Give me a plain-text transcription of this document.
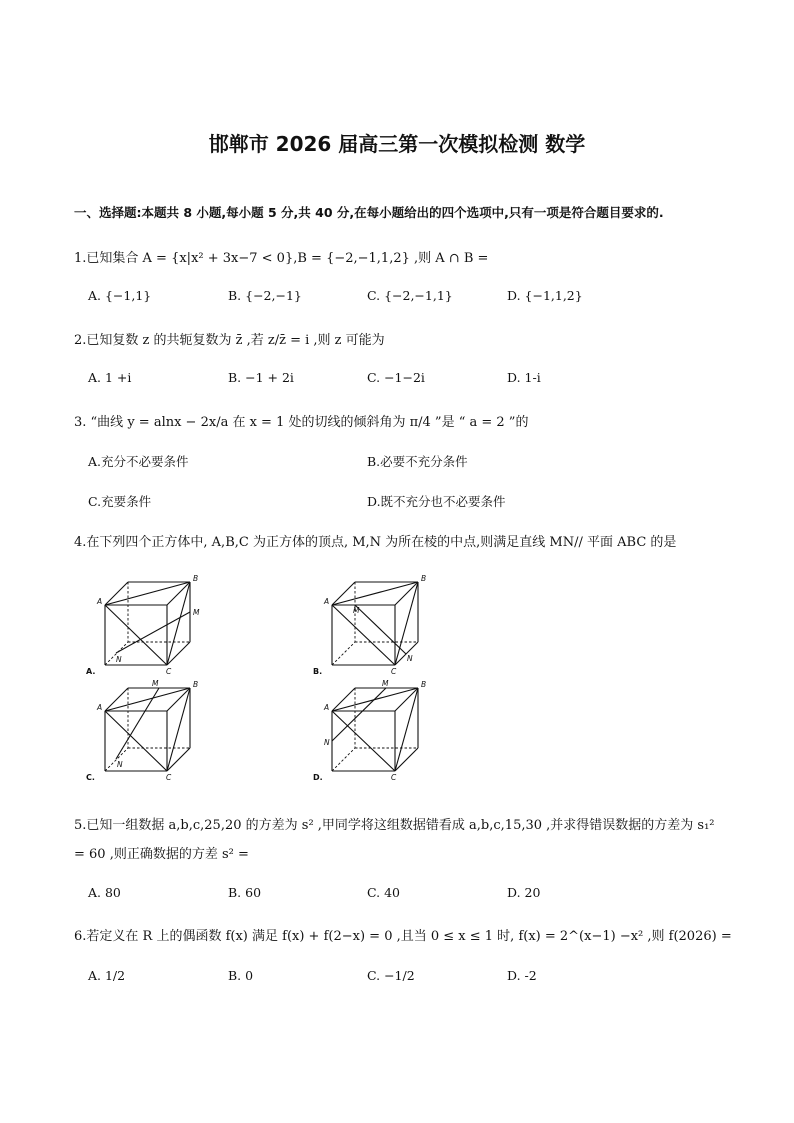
邯郸市 2026 届高三第一次模拟检测 数学
一、选择题:本题共 8 小题,每小题 5 分,共 40 分,在每小题给出的四个选项中,只有一项是符合题目要求的.
1.已知集合 A = {x|x² + 3x−7 < 0},B = {−2,−1,1,2} ,则 A ∩ B =
A. {−1,1}	B. {−2,−1}	C. {−2,−1,1}	D. {−1,1,2}
2.已知复数 z 的共轭复数为 z̄ ,若 z/z̄ = i ,则 z 可能为
A. 1 +i	B. −1 + 2i	C. −1−2i	D. 1-i
3. “曲线 y = alnx − 2x/a 在 x = 1 处的切线的倾斜角为 π/4 ”是 “ a = 2 ”的
A.充分不必要条件	B.必要不充分条件
C.充要条件	D.既不充分也不必要条件
4.在下列四个正方体中, A,B,C 为正方体的顶点, M,N 为所在棱的中点,则满足直线 MN// 平面 ABC 的是
A
B
C
M
N
A.
A
B
C
M
N
B.
A
B
C
M
N
C.
A
B
C
M
N
D.
5.已知一组数据 a,b,c,25,20 的方差为 s² ,甲同学将这组数据错看成 a,b,c,15,30 ,并求得错误数据的方差为 s₁²
= 60 ,则正确数据的方差 s² =
A. 80	B. 60	C. 40	D. 20
6.若定义在 R 上的偶函数 f(x) 满足 f(x) + f(2−x) = 0 ,且当 0 ≤ x ≤ 1 时, f(x) = 2^(x−1) −x² ,则 f(2026) =
A. 1/2	B. 0	C. −1/2	D. -2
